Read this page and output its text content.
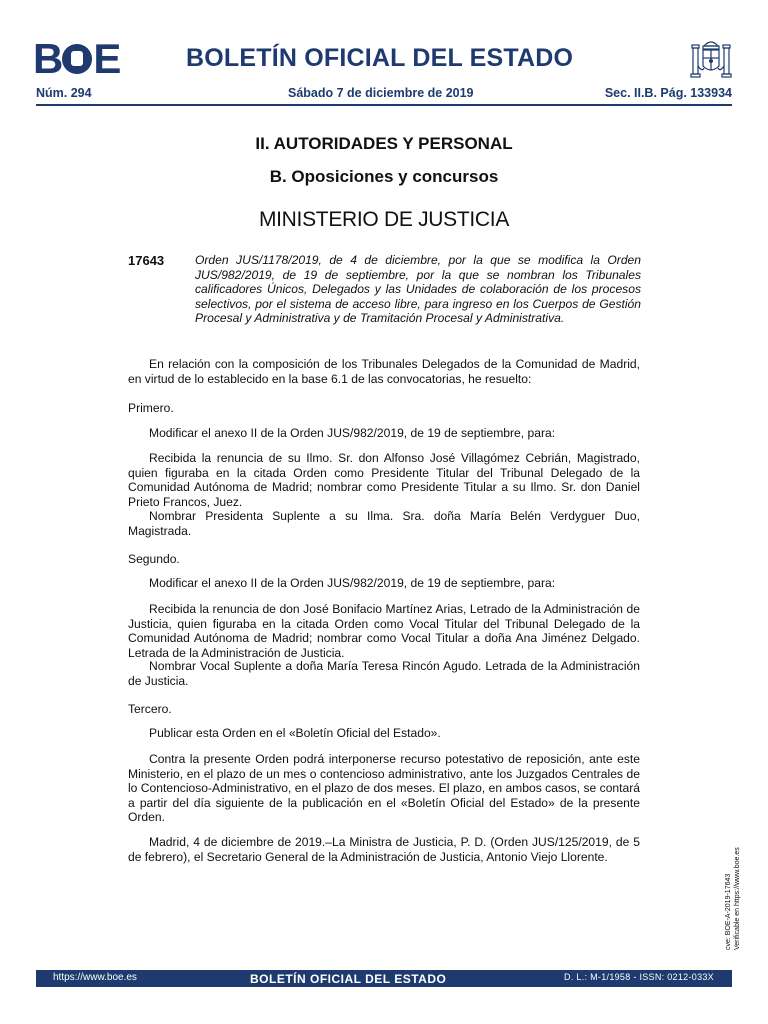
B E	BOLETÍN OFICIAL DEL ESTADO
Núm. 294	Sábado 7 de diciembre de 2019	Sec. II.B. Pág. 133934
II. AUTORIDADES Y PERSONAL
B. Oposiciones y concursos
MINISTERIO DE JUSTICIA
17643	Orden JUS/1178/2019, de 4 de diciembre, por la que se modifica la Orden JUS/982/2019, de 19 de septiembre, por la que se nombran los Tribunales calificadores Únicos, Delegados y las Unidades de colaboración de los procesos selectivos, por el sistema de acceso libre, para ingreso en los Cuerpos de Gestión Procesal y Administrativa y de Tramitación Procesal y Administrativa.
En relación con la composición de los Tribunales Delegados de la Comunidad de Madrid, en virtud de lo establecido en la base 6.1 de las convocatorias, he resuelto:
Primero.
Modificar el anexo II de la Orden JUS/982/2019, de 19 de septiembre, para:
Recibida la renuncia de su Ilmo. Sr. don Alfonso José Villagómez Cebrián, Magistrado, quien figuraba en la citada Orden como Presidente Titular del Tribunal Delegado de la Comunidad Autónoma de Madrid; nombrar como Presidente Titular a su Ilmo. Sr. don Daniel Prieto Francos, Juez.
Nombrar Presidenta Suplente a su Ilma. Sra. doña María Belén Verdyguer Duo, Magistrada.
Segundo.
Modificar el anexo II de la Orden JUS/982/2019, de 19 de septiembre, para:
Recibida la renuncia de don José Bonifacio Martínez Arias, Letrado de la Administración de Justicia, quien figuraba en la citada Orden como Vocal Titular del Tribunal Delegado de la Comunidad Autónoma de Madrid; nombrar como Vocal Titular a doña Ana Jiménez Delgado. Letrada de la Administración de Justicia.
Nombrar Vocal Suplente a doña María Teresa Rincón Agudo. Letrada de la Administración de Justicia.
Tercero.
Publicar esta Orden en el «Boletín Oficial del Estado».
Contra la presente Orden podrá interponerse recurso potestativo de reposición, ante este Ministerio, en el plazo de un mes o contencioso administrativo, ante los Juzgados Centrales de lo Contencioso-Administrativo, en el plazo de dos meses. El plazo, en ambos casos, se contará a partir del día siguiente de la publicación en el «Boletín Oficial del Estado» de la presente Orden.
Madrid, 4 de diciembre de 2019.–La Ministra de Justicia, P. D. (Orden JUS/125/2019, de 5 de febrero), el Secretario General de la Administración de Justicia, Antonio Viejo Llorente.
cve: BOE-A-2019-17643 Verificable en https://www.boe.es
https://www.boe.es	BOLETÍN OFICIAL DEL ESTADO	D. L.: M-1/1958 - ISSN: 0212-033X
